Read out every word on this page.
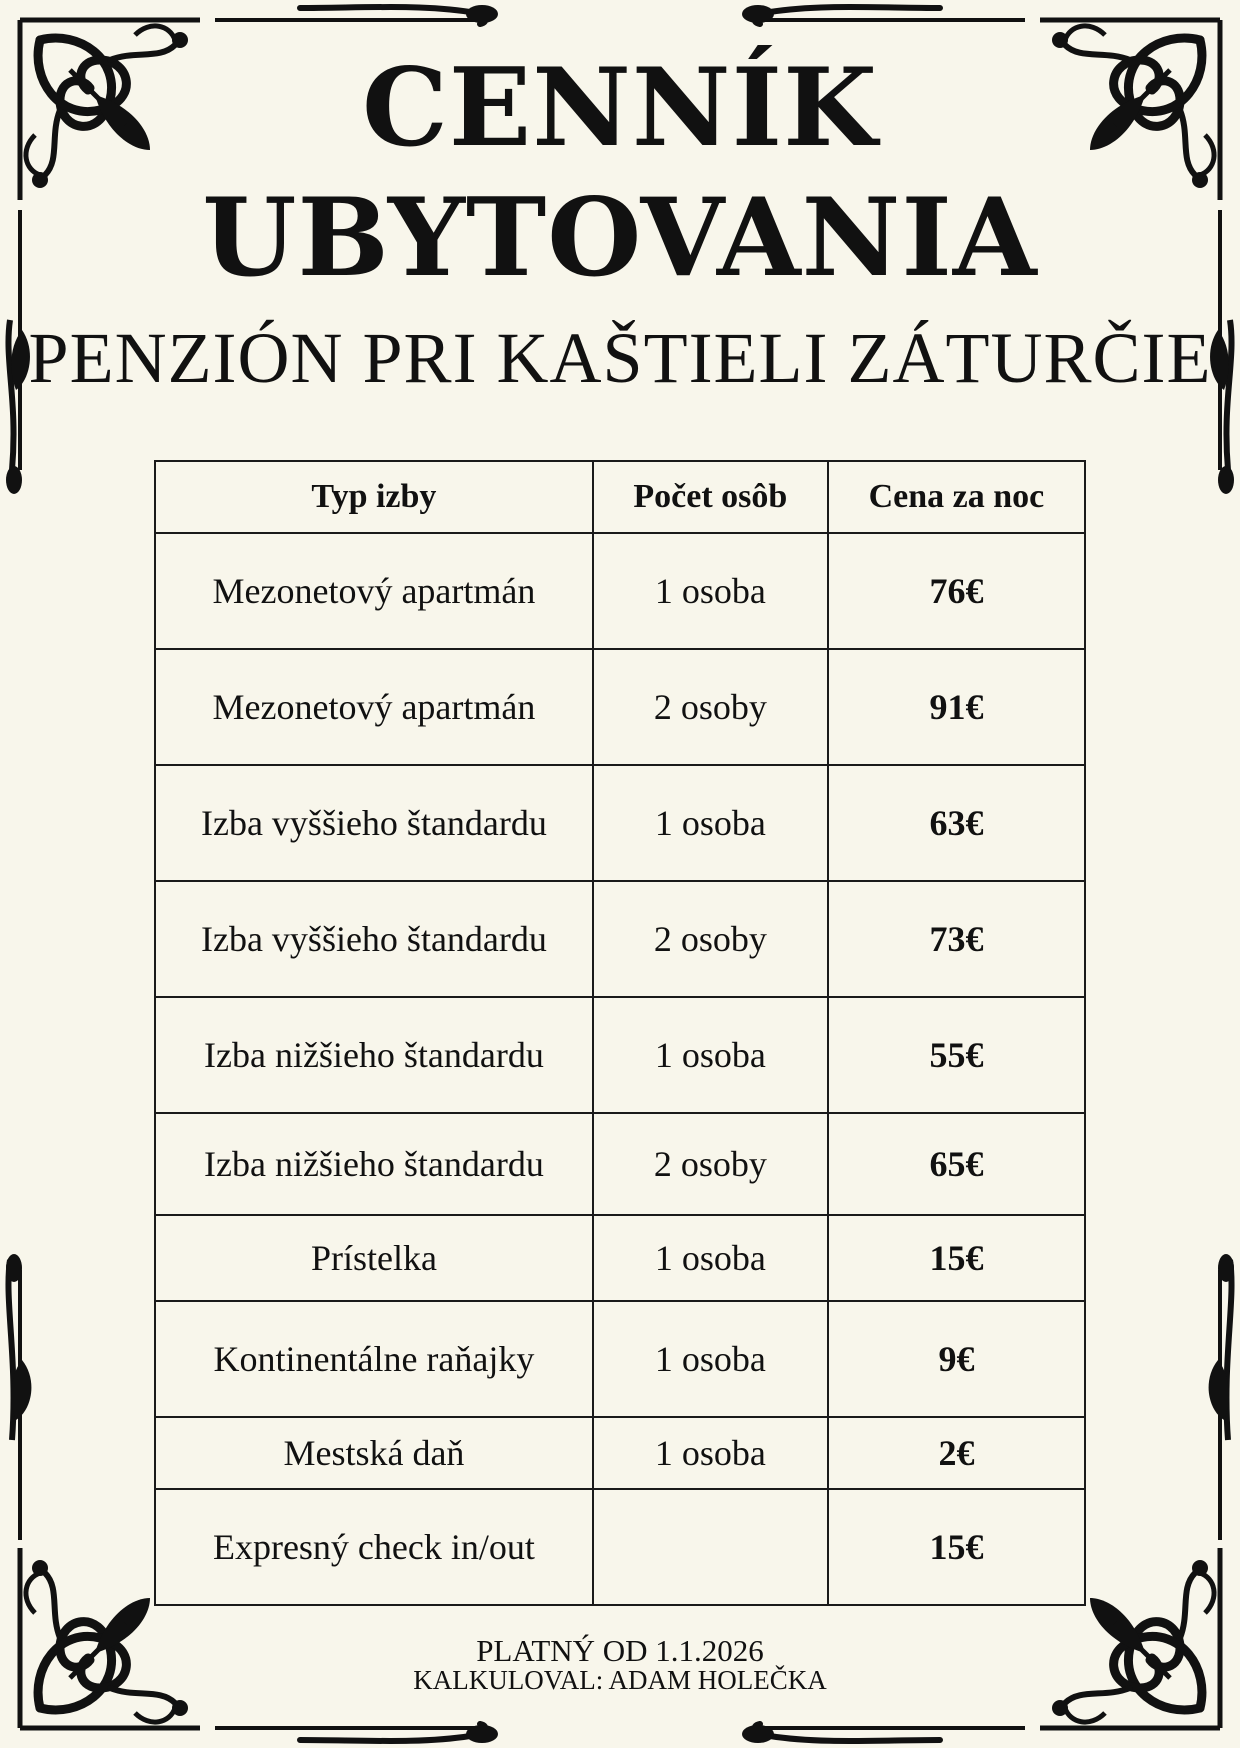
CENNÍK
UBYTOVANIA
PENZIÓN PRI KAŠTIELI ZÁTURČIE
Typ izby	Počet osôb	Cena za noc
Mezonetový apartmán	1 osoba	76€
Mezonetový apartmán	2 osoby	91€
Izba vyššieho štandardu	1 osoba	63€
Izba vyššieho štandardu	2 osoby	73€
Izba nižšieho štandardu	1 osoba	55€
Izba nižšieho štandardu	2 osoby	65€
Prístelka	1 osoba	15€
Kontinentálne raňajky	1 osoba	9€
Mestská daň	1 osoba	2€
Expresný check in/out		15€
PLATNÝ OD 1.1.2026
KALKULOVAL: ADAM HOLEČKA
